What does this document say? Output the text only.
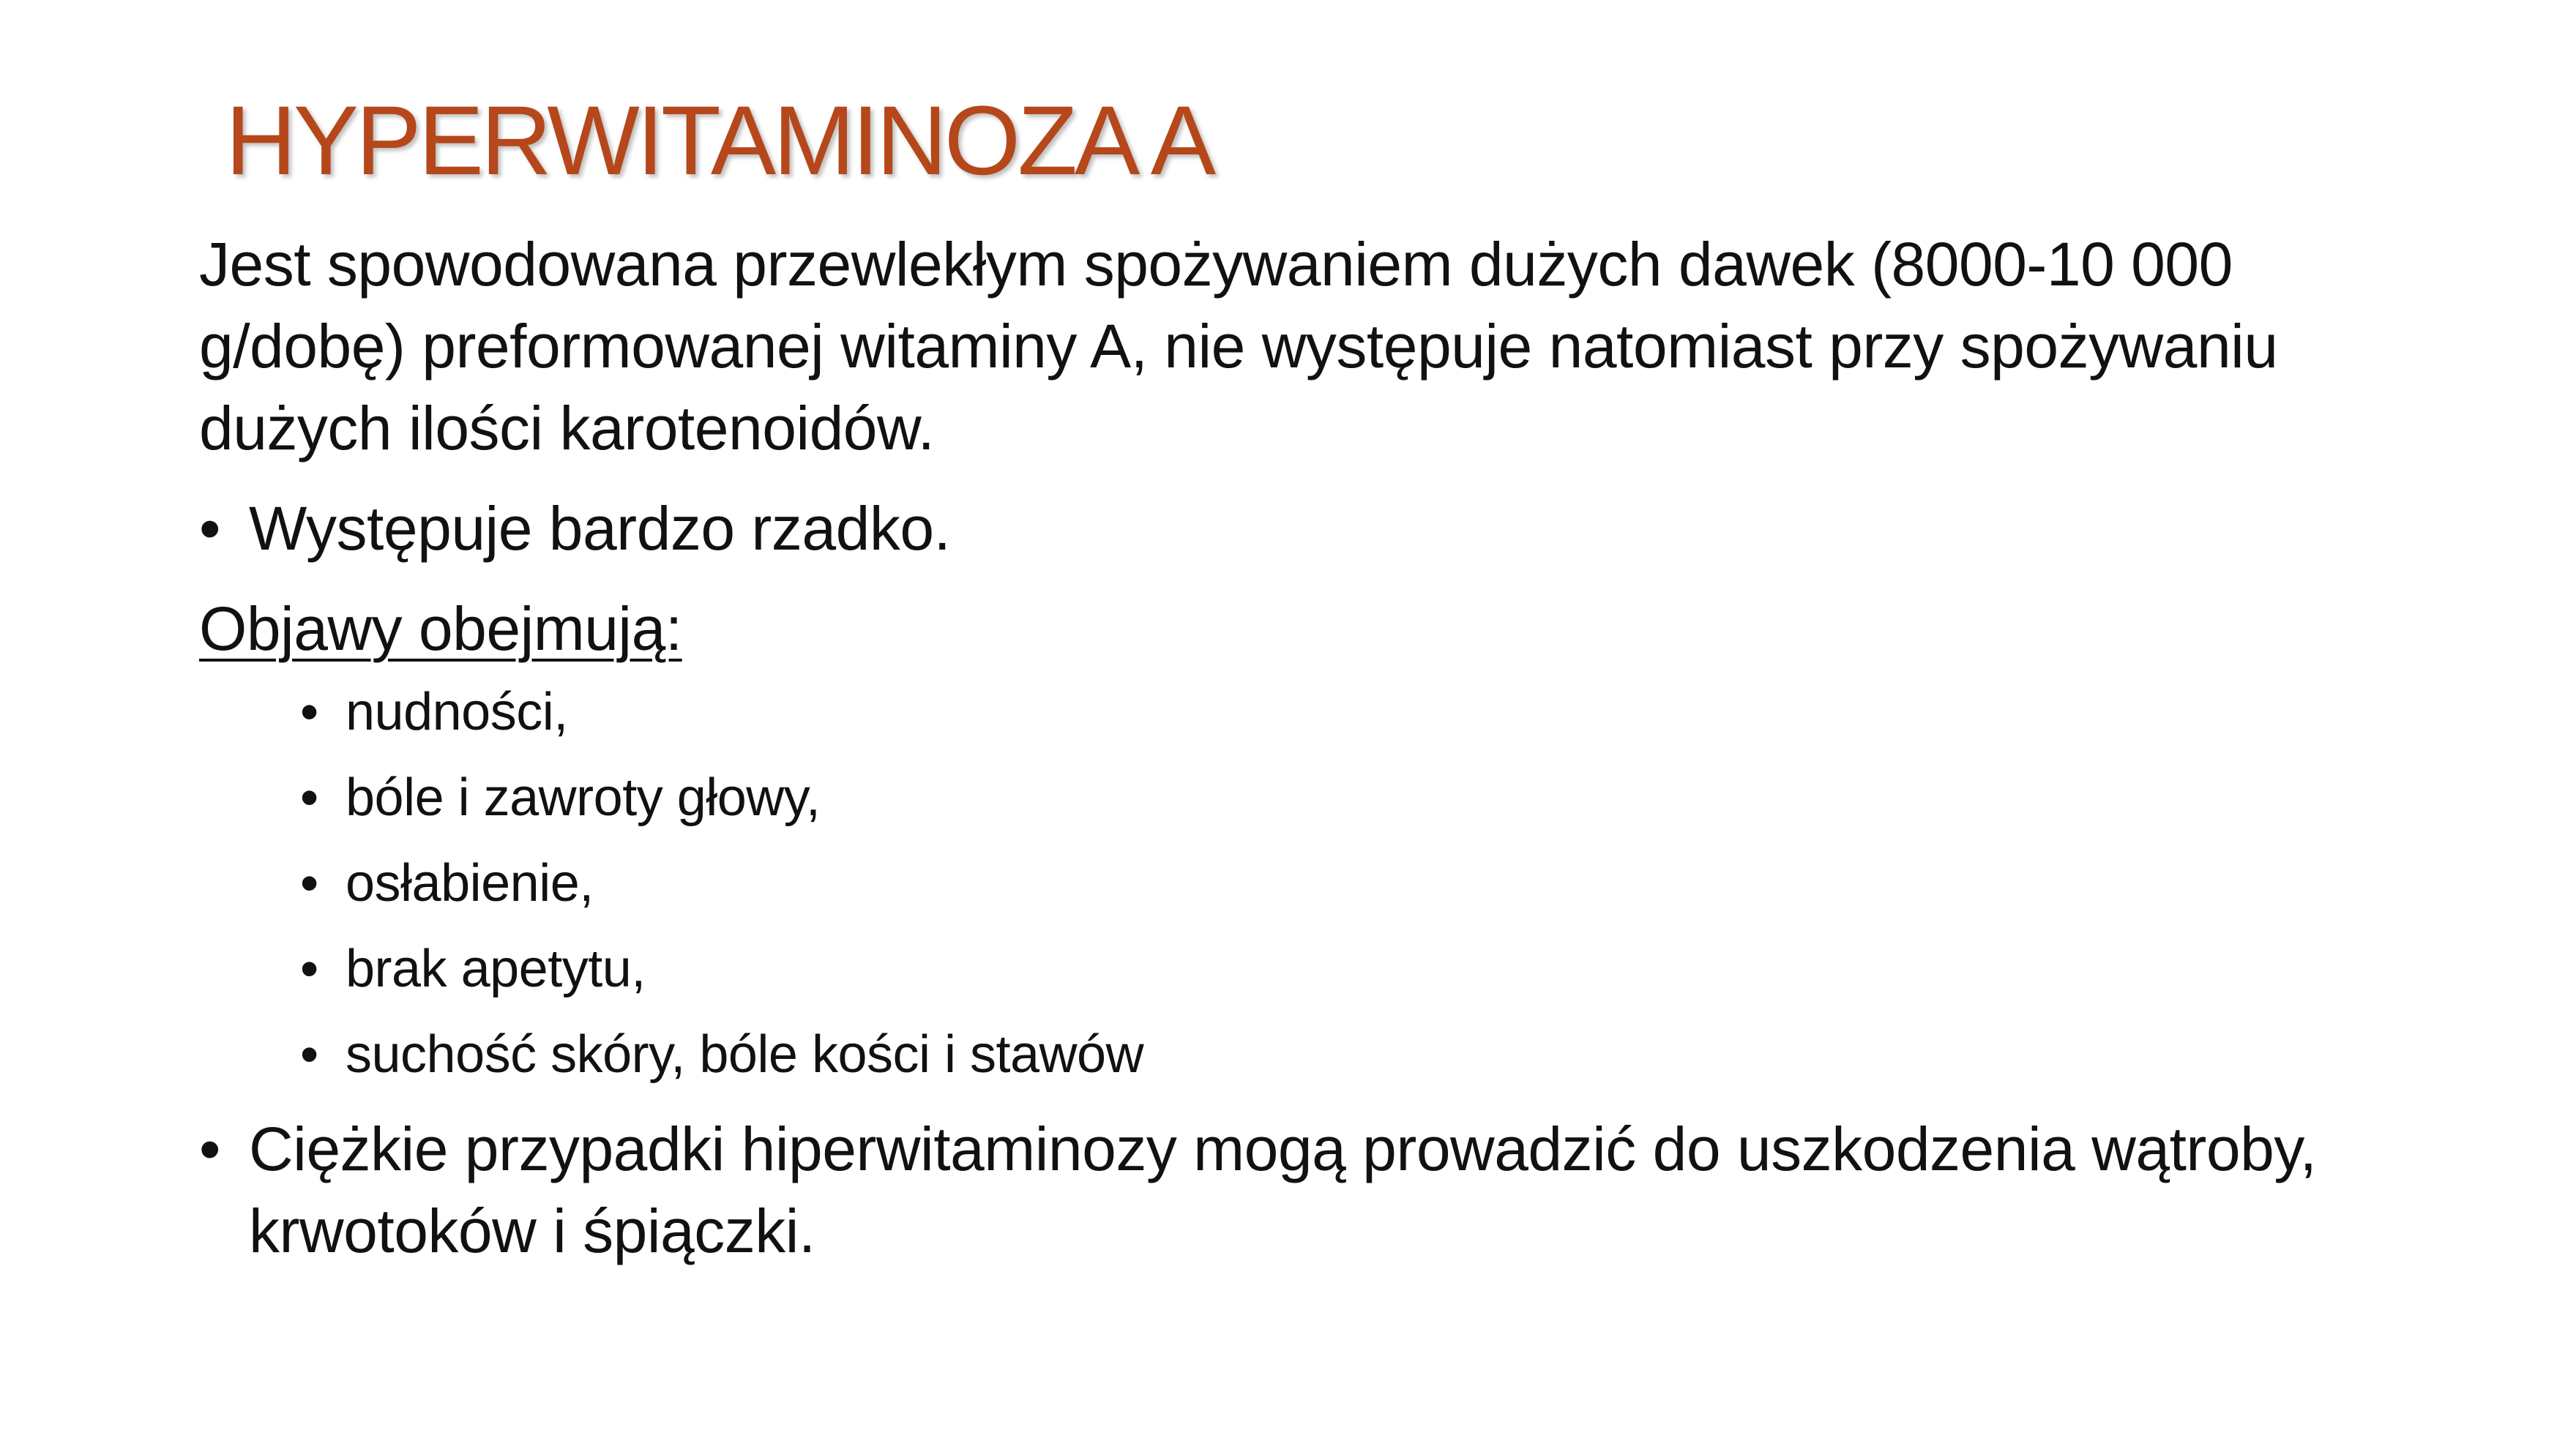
HYPERWITAMINOZA A

Jest spowodowana przewlekłym spożywaniem dużych dawek (8000-10 000 g/dobę) preformowanej witaminy A, nie występuje natomiast przy spożywaniu dużych ilości karotenoidów.

• Występuje bardzo rzadko.
Objawy obejmują:
• nudności,
• bóle i zawroty głowy,
• osłabienie,
• brak apetytu,
• suchość skóry, bóle kości i stawów
• Ciężkie przypadki hiperwitaminozy mogą prowadzić do uszkodzenia wątroby, krwotoków i śpiączki.
